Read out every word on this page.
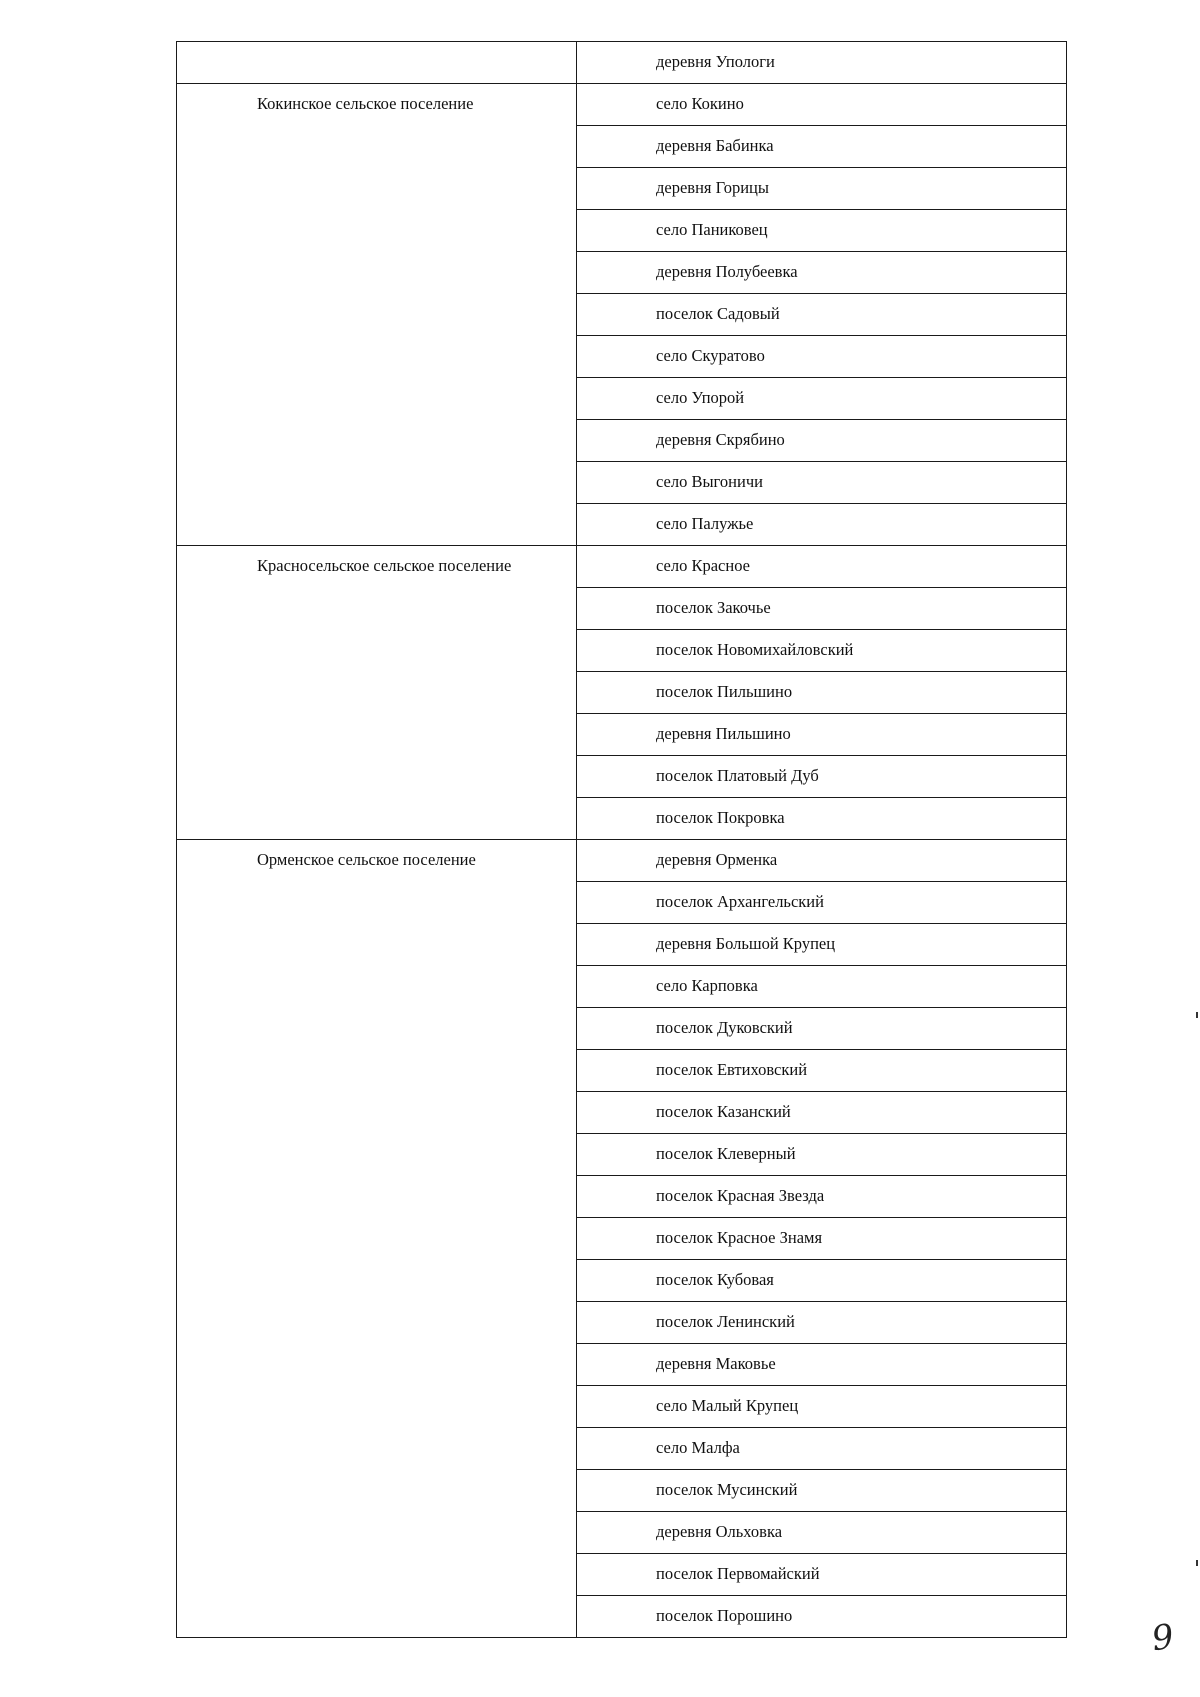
	деревня Упологи

Кокинское сельское поселение	село Кокино

	деревня Бабинка

	деревня Горицы

	село Паниковец

	деревня Полубеевка

	поселок Садовый

	село Скуратово

	село Упорой

	деревня Скрябино

	село Выгоничи

	село Палужье

Красносельское сельское поселение	село Красное

	поселок Закочье

	поселок Новомихайловский

	поселок Пильшино

	деревня Пильшино

	поселок Платовый Дуб

	поселок Покровка

Орменское сельское поселение	деревня Орменка

	поселок Архангельский

	деревня Большой Крупец

	село Карповка

	поселок Дуковский

	поселок Евтиховский

	поселок Казанский

	поселок Клеверный

	поселок Красная Звезда

	поселок Красное Знамя

	поселок Кубовая

	поселок Ленинский

	деревня Маковье

	село Малый Крупец

	село Малфа

	поселок Мусинский

	деревня Ольховка

	поселок Первомайский

	поселок Порошино
9
